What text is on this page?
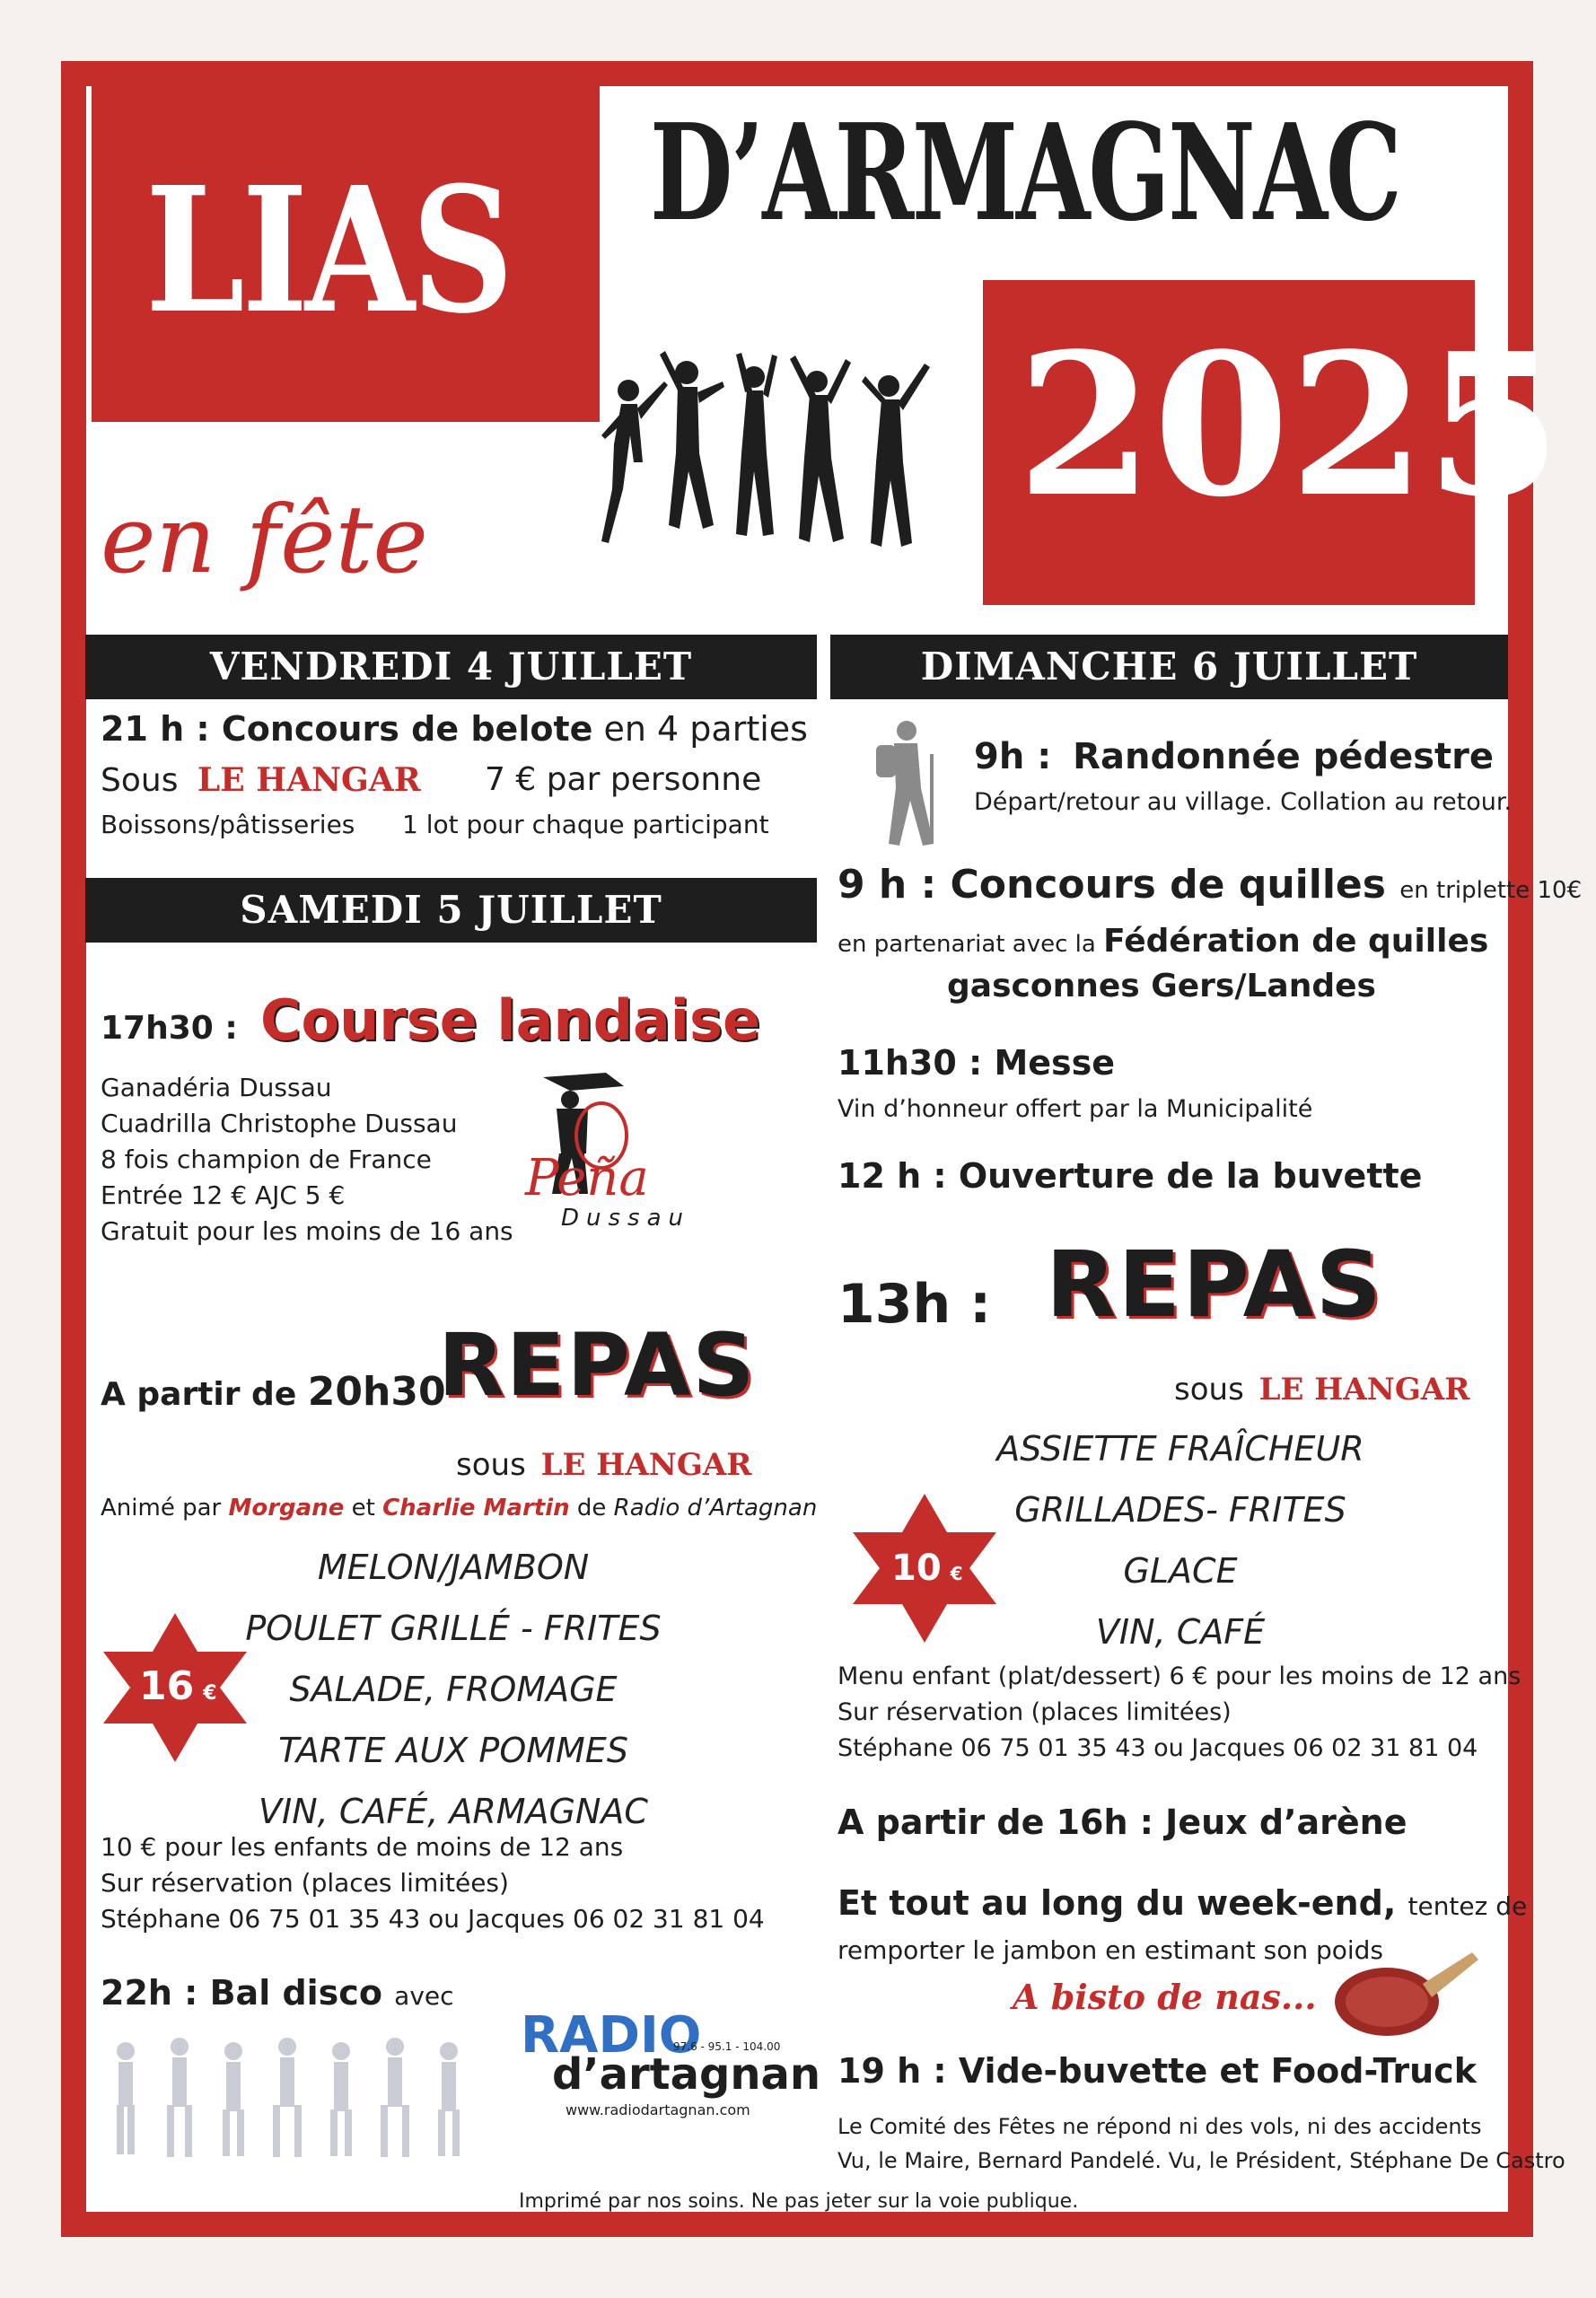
LIAS D’ARMAGNAC
2025
en fête
VENDREDI 4 JUILLET
21 h : Concours de belote en 4 parties
Sous LE HANGAR 7 € par personne
Boissons/pâtisseries 1 lot pour chaque participant
SAMEDI 5 JUILLET
17h30 : Course landaise
Ganadéria Dussau
Cuadrilla Christophe Dussau
8 fois champion de France
Entrée 12 € AJC 5 €
Gratuit pour les moins de 16 ans
Peña
Dussau
A partir de 20h30
REPAS
sous LE HANGAR
Animé par Morgane et Charlie Martin de Radio d’Artagnan
MELON/JAMBON
POULET GRILLÉ - FRITES
SALADE, FROMAGE
TARTE AUX POMMES
VIN, CAFÉ, ARMAGNAC
16 €
10 € pour les enfants de moins de 12 ans
Sur réservation (places limitées)
Stéphane 06 75 01 35 43 ou Jacques 06 02 31 81 04
22h : Bal disco avec
RADIO
d’artagnan
97.6 - 95.1 - 104.00
www.radiodartagnan.com
DIMANCHE 6 JUILLET
9h : Randonnée pédestre
Départ/retour au village. Collation au retour.
9 h : Concours de quilles en triplette 10€
en partenariat avec la Fédération de quilles
gasconnes Gers/Landes
11h30 : Messe
Vin d’honneur offert par la Municipalité
12 h : Ouverture de la buvette
13h : REPAS
sous LE HANGAR
ASSIETTE FRAÎCHEUR
GRILLADES- FRITES
GLACE
VIN, CAFÉ
10 €
Menu enfant (plat/dessert) 6 € pour les moins de 12 ans
Sur réservation (places limitées)
Stéphane 06 75 01 35 43 ou Jacques 06 02 31 81 04
A partir de 16h : Jeux d’arène
Et tout au long du week-end, tentez de
remporter le jambon en estimant son poids
A bisto de nas...
19 h : Vide-buvette et Food-Truck
Le Comité des Fêtes ne répond ni des vols, ni des accidents
Vu, le Maire, Bernard Pandelé. Vu, le Président, Stéphane De Castro
Imprimé par nos soins. Ne pas jeter sur la voie publique.
